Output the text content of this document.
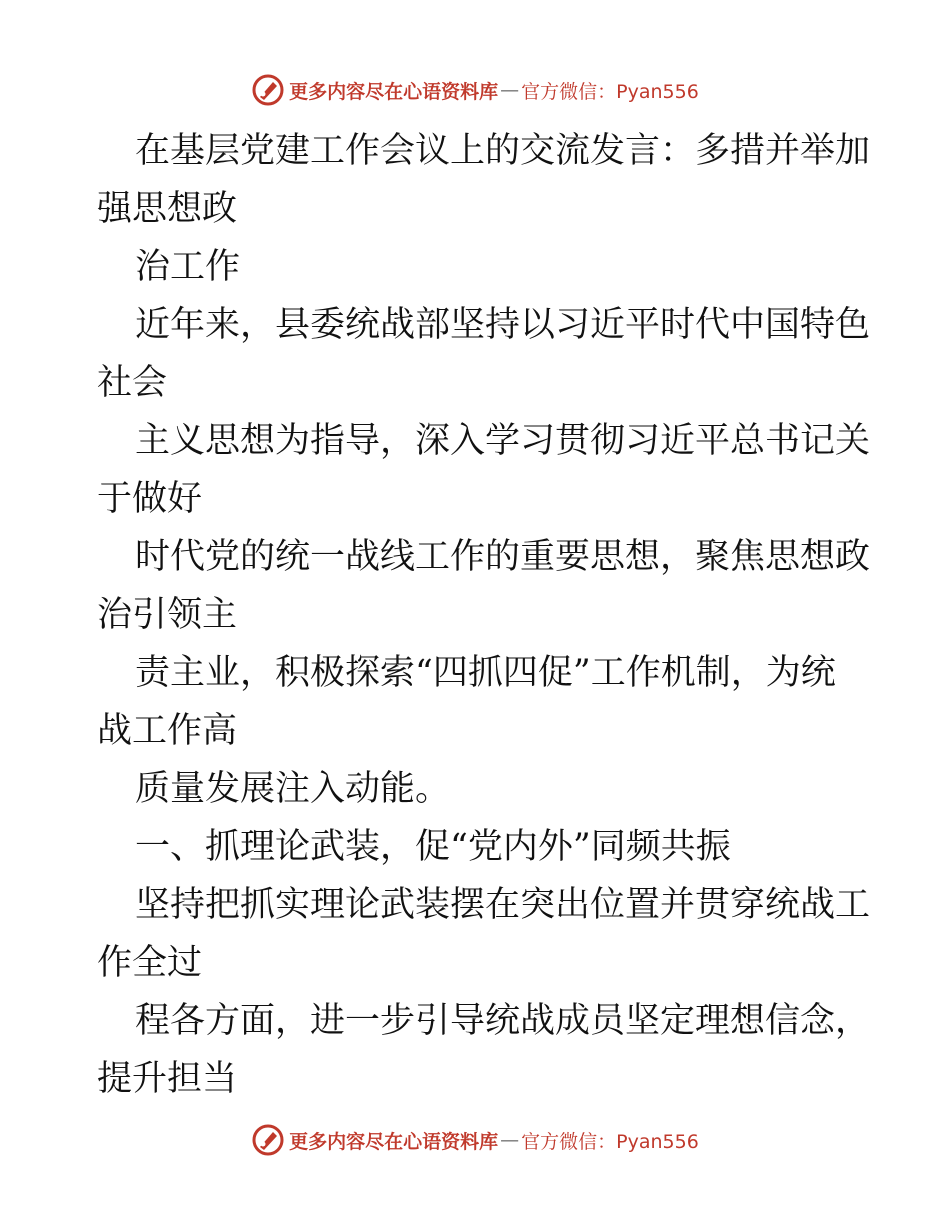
更多内容尽在心语资料库 — 官方微信：Pyan556
在基层党建工作会议上的交流发言：多措并举加
强思想政
治工作
近年来，县委统战部坚持以习近平时代中国特色
社会
主义思想为指导，深入学习贯彻习近平总书记关
于做好
时代党的统一战线工作的重要思想，聚焦思想政
治引领主
责主业，积极探索“四抓四促”工作机制，为统
战工作高
质量发展注入动能。
一、抓理论武装，促“党内外”同频共振
坚持把抓实理论武装摆在突出位置并贯穿统战工
作全过
程各方面，进一步引导统战成员坚定理想信念，
提升担当
更多内容尽在心语资料库 — 官方微信：Pyan556
